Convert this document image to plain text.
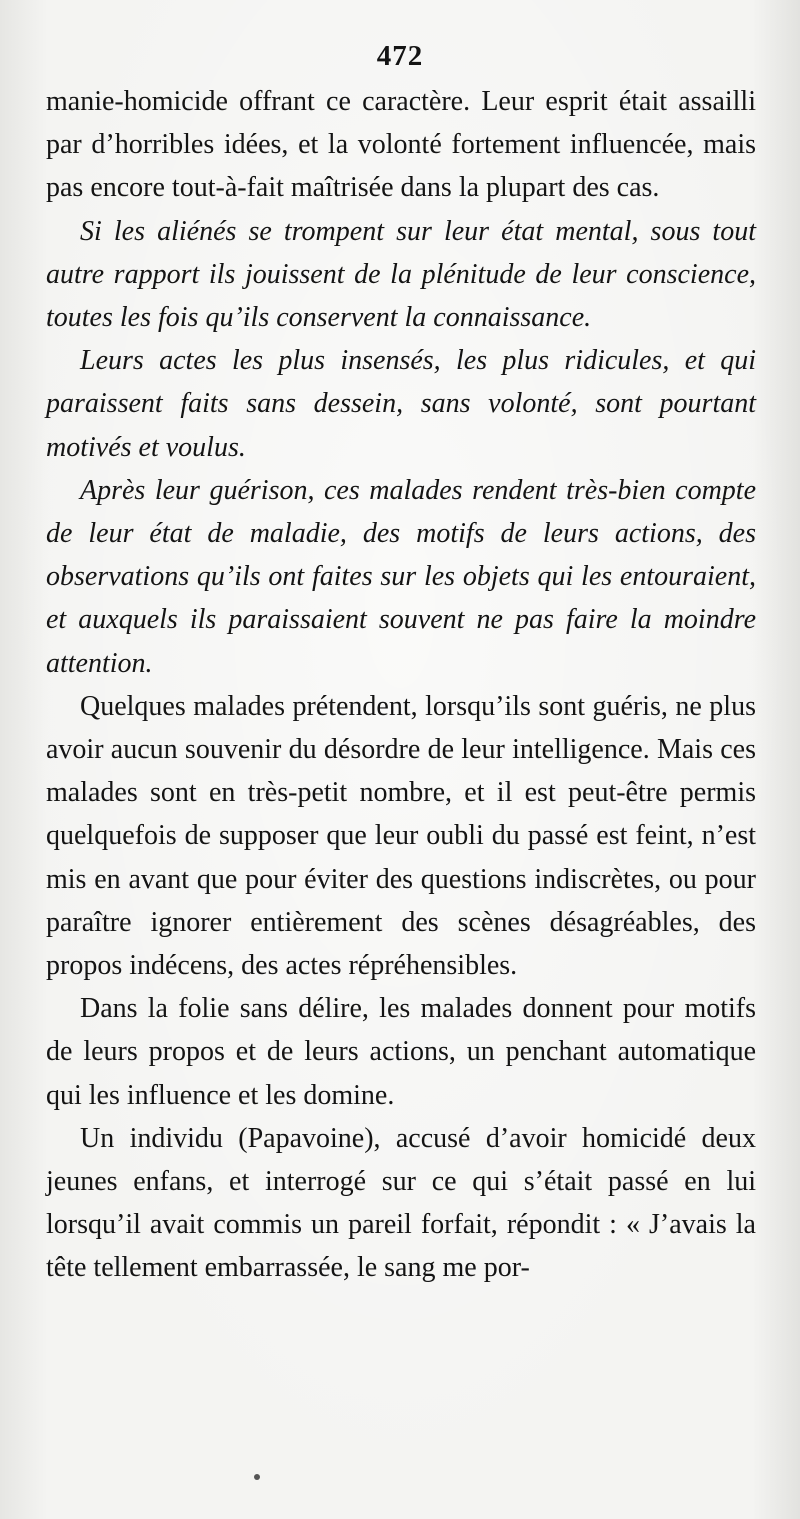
472

manie-homicide offrant ce caractère. Leur esprit était assailli par d’horribles idées, et la volonté fortement influencée, mais pas encore tout-à-fait maîtrisée dans la plupart des cas.

Si les aliénés se trompent sur leur état mental, sous tout autre rapport ils jouissent de la plénitude de leur conscience, toutes les fois qu’ils conservent la connaissance.

Leurs actes les plus insensés, les plus ridicules, et qui paraissent faits sans dessein, sans volonté, sont pourtant motivés et voulus.

Après leur guérison, ces malades rendent très-bien compte de leur état de maladie, des motifs de leurs actions, des observations qu’ils ont faites sur les objets qui les entouraient, et auxquels ils paraissaient souvent ne pas faire la moindre attention.

Quelques malades prétendent, lorsqu’ils sont guéris, ne plus avoir aucun souvenir du désordre de leur intelligence. Mais ces malades sont en très-petit nombre, et il est peut-être permis quelquefois de supposer que leur oubli du passé est feint, n’est mis en avant que pour éviter des questions indiscrètes, ou pour paraître ignorer entièrement des scènes désagréables, des propos indécens, des actes répréhensibles.

Dans la folie sans délire, les malades donnent pour motifs de leurs propos et de leurs actions, un penchant automatique qui les influence et les domine.

Un individu (Papavoine), accusé d’avoir homicidé deux jeunes enfans, et interrogé sur ce qui s’était passé en lui lorsqu’il avait commis un pareil forfait, répondit : « J’avais la tête tellement embarrassée, le sang me por-
